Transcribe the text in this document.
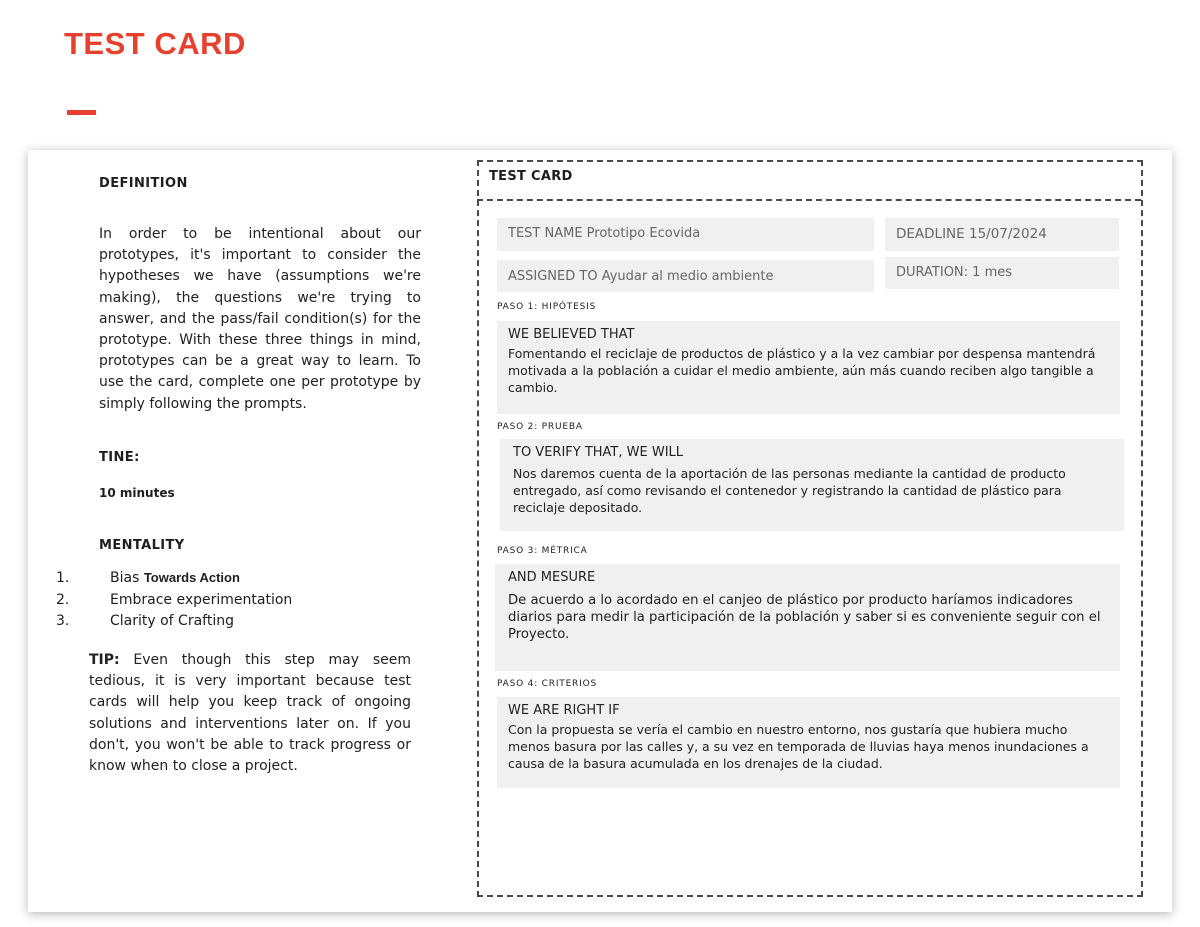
TEST CARD
DEFINITION
In order to be intentional about our prototypes, it's important to consider the hypotheses we have (assumptions we're making), the questions we're trying to answer, and the pass/fail condition(s) for the prototype. With these three things in mind, prototypes can be a great way to learn. To use the card, complete one per prototype by simply following the prompts.
TINE:
10 minutes
MENTALITY
1.	Bias Towards Action
2.	Embrace experimentation
3.	Clarity of Crafting
TIP: Even though this step may seem tedious, it is very important because test cards will help you keep track of ongoing solutions and interventions later on. If you don't, you won't be able to track progress or know when to close a project.
TEST CARD
TEST NAME Prototipo Ecovida	DEADLINE 15/07/2024
ASSIGNED TO Ayudar al medio ambiente	DURATION: 1 mes
PASO 1: HIPÓTESIS
WE BELIEVED THAT
Fomentando el reciclaje de productos de plástico y a la vez cambiar por despensa mantendrá motivada a la población a cuidar el medio ambiente, aún más cuando reciben algo tangible a cambio.
PASO 2: PRUEBA
TO VERIFY THAT, WE WILL
Nos daremos cuenta de la aportación de las personas mediante la cantidad de producto entregado, así como revisando el contenedor y registrando la cantidad de plástico para reciclaje depositado.
PASO 3: MÉTRICA
AND MESURE
De acuerdo a lo acordado en el canjeo de plástico por producto haríamos indicadores diarios para medir la participación de la población y saber si es conveniente seguir con el Proyecto.
PASO 4: CRITERIOS
WE ARE RIGHT IF
Con la propuesta se vería el cambio en nuestro entorno, nos gustaría que hubiera mucho menos basura por las calles y, a su vez en temporada de lluvias haya menos inundaciones a causa de la basura acumulada en los drenajes de la ciudad.
